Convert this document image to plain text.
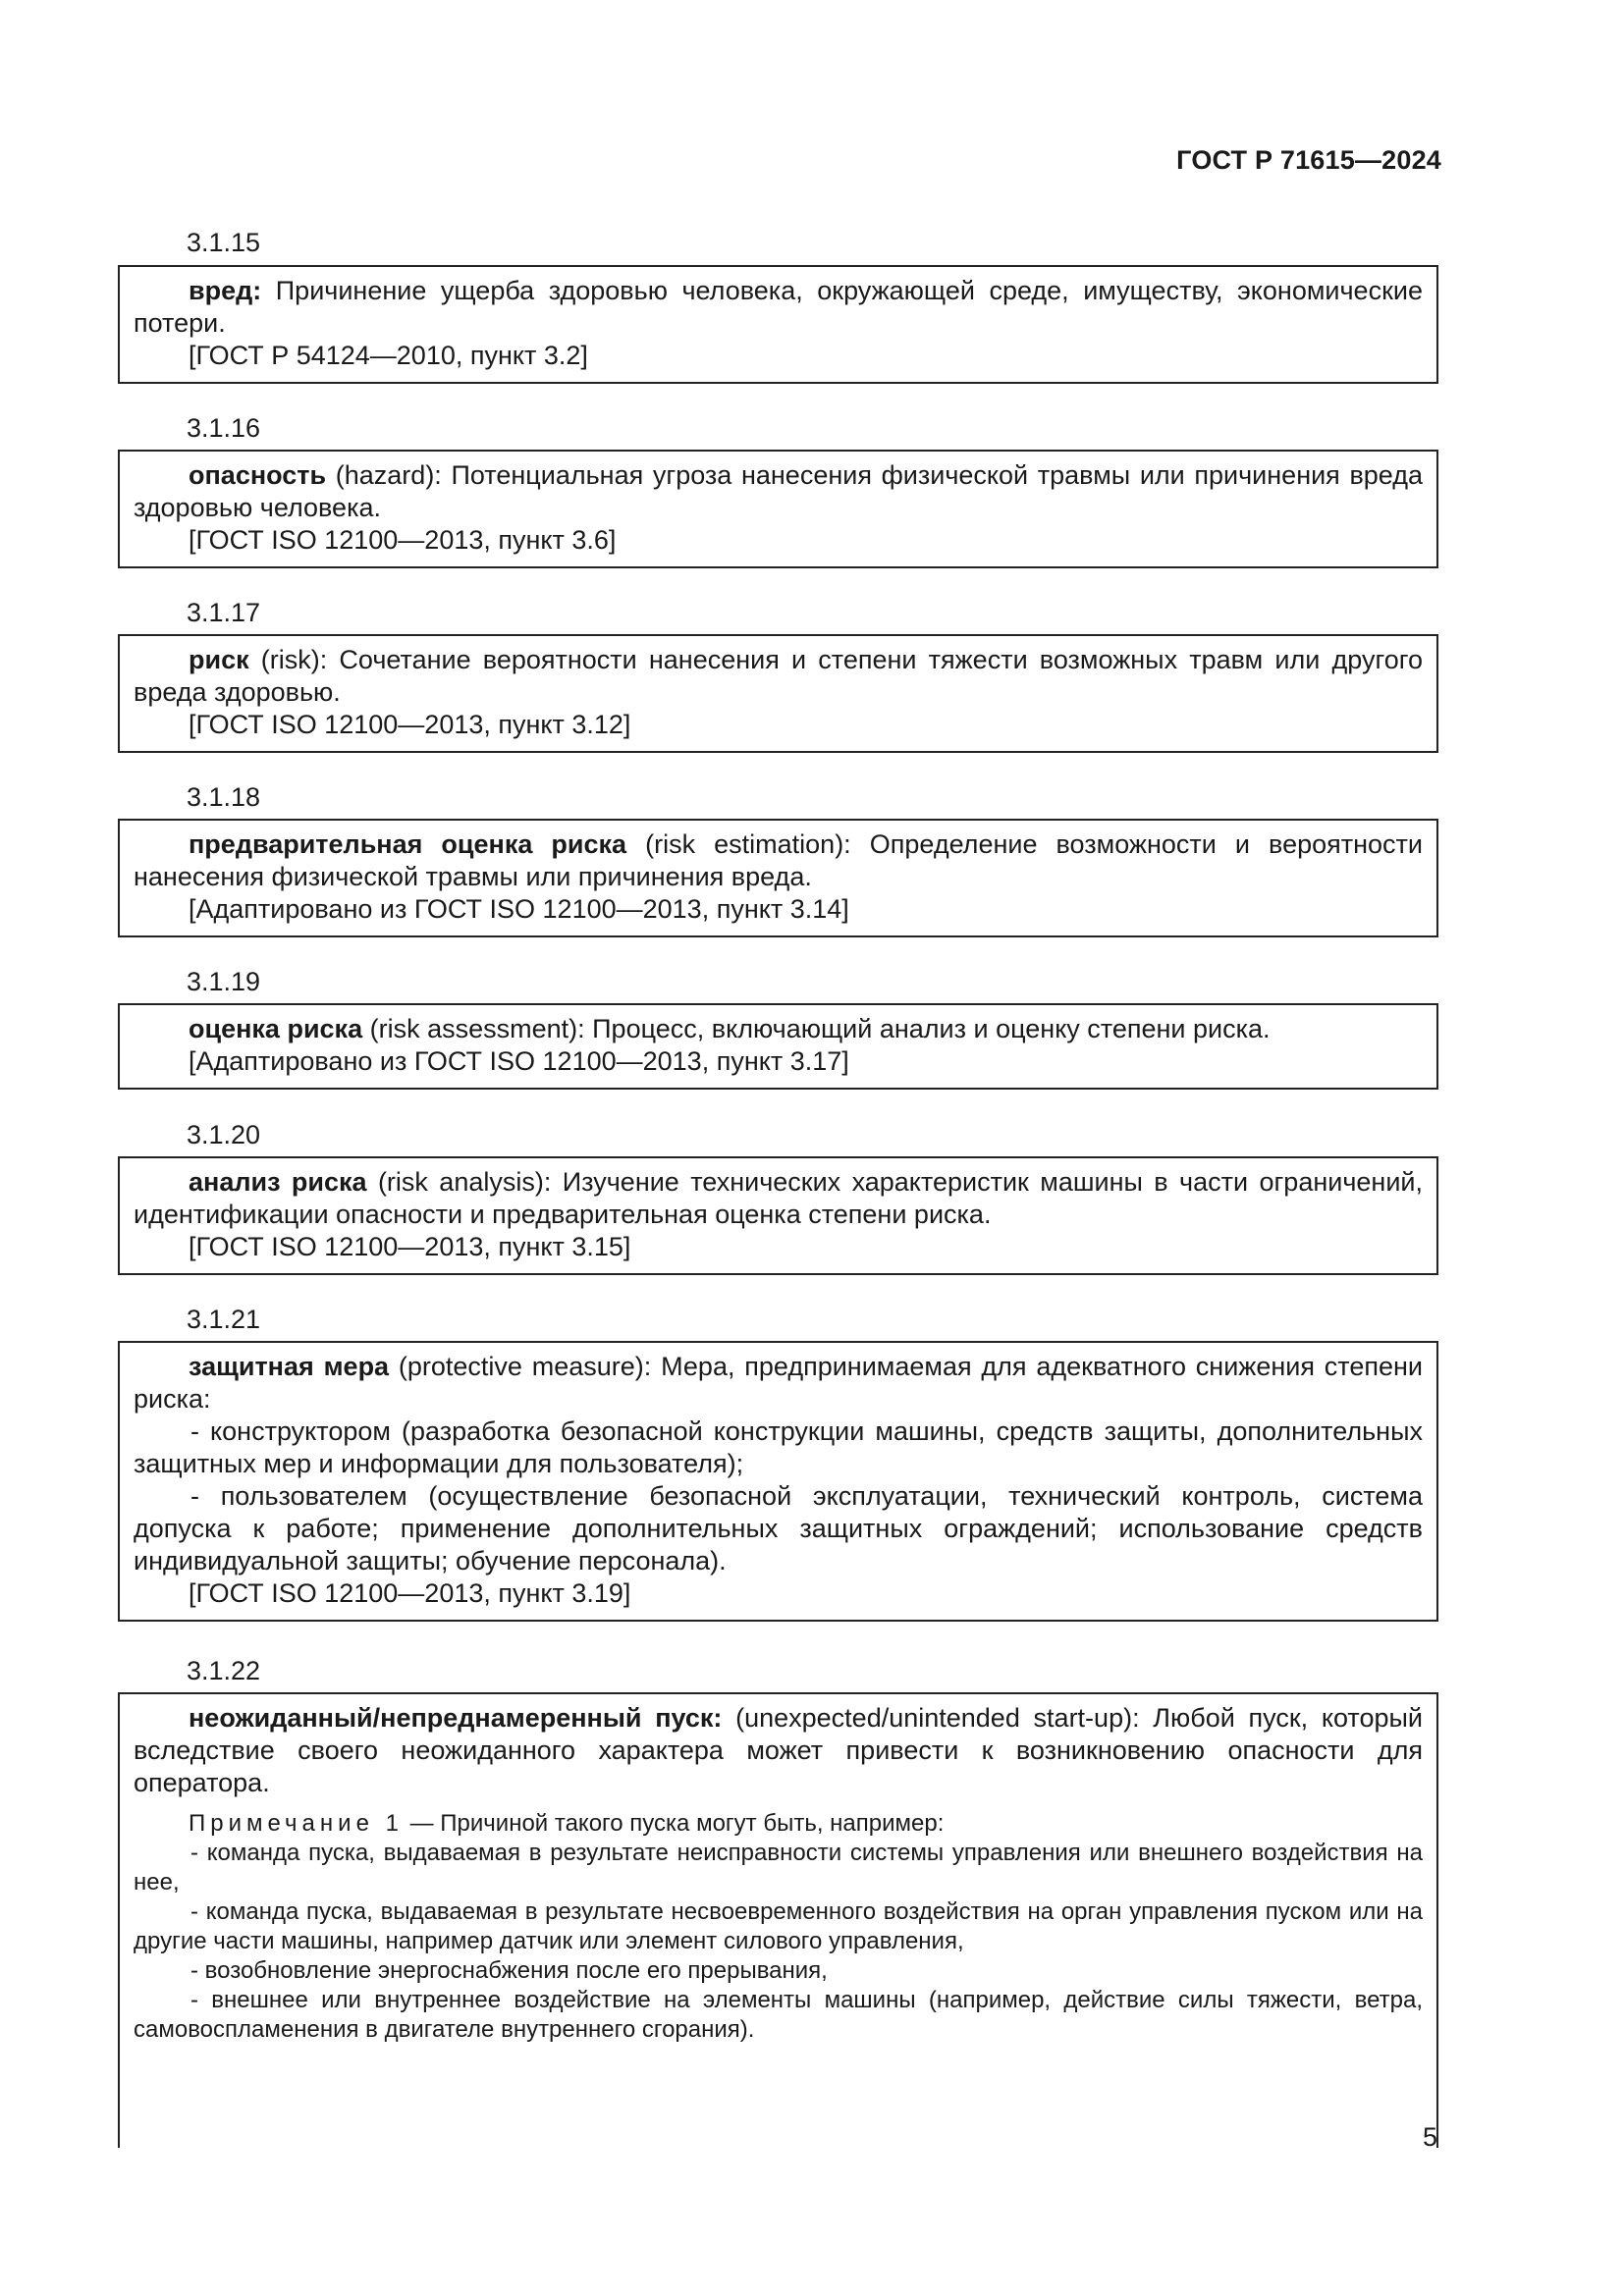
ГОСТ Р 71615—2024
3.1.15

вред: Причинение ущерба здоровью человека, окружающей среде, имуществу, экономические потери.

[ГОСТ Р 54124—2010, пункт 3.2]

3.1.16

опасность (hazard): Потенциальная угроза нанесения физической травмы или причинения вреда здоровью человека.

[ГОСТ ISO 12100—2013, пункт 3.6]

3.1.17

риск (risk): Сочетание вероятности нанесения и степени тяжести возможных травм или другого вреда здоровью.

[ГОСТ ISO 12100—2013, пункт 3.12]

3.1.18

предварительная оценка риска (risk estimation): Определение возможности и вероятности нанесения физической травмы или причинения вреда.

[Адаптировано из ГОСТ ISO 12100—2013, пункт 3.14]

3.1.19

оценка риска (risk assessment): Процесс, включающий анализ и оценку степени риска.

[Адаптировано из ГОСТ ISO 12100—2013, пункт 3.17]

3.1.20

анализ риска (risk analysis): Изучение технических характеристик машины в части ограничений, идентификации опасности и предварительная оценка степени риска.

[ГОСТ ISO 12100—2013, пункт 3.15]

3.1.21

защитная мера (protective measure): Мера, предпринимаемая для адекватного снижения степени риска:

- конструктором (разработка безопасной конструкции машины, средств защиты, дополнительных защитных мер и информации для пользователя);

- пользователем (осуществление безопасной эксплуатации, технический контроль, система допуска к работе; применение дополнительных защитных ограждений; использование средств индивидуальной защиты; обучение персонала).

[ГОСТ ISO 12100—2013, пункт 3.19]

3.1.22

неожиданный/непреднамеренный пуск: (unexpected/unintended start-up): Любой пуск, который вследствие своего неожиданного характера может привести к возникновению опасности для оператора.

Примечание 1 — Причиной такого пуска могут быть, например:

- команда пуска, выдаваемая в результате неисправности системы управления или внешнего воздействия на нее,

- команда пуска, выдаваемая в результате несвоевременного воздействия на орган управления пуском или на другие части машины, например датчик или элемент силового управления,

- возобновление энергоснабжения после его прерывания,

- внешнее или внутреннее воздействие на элементы машины (например, действие силы тяжести, ветра, самовоспламенения в двигателе внутреннего сгорания).

5
